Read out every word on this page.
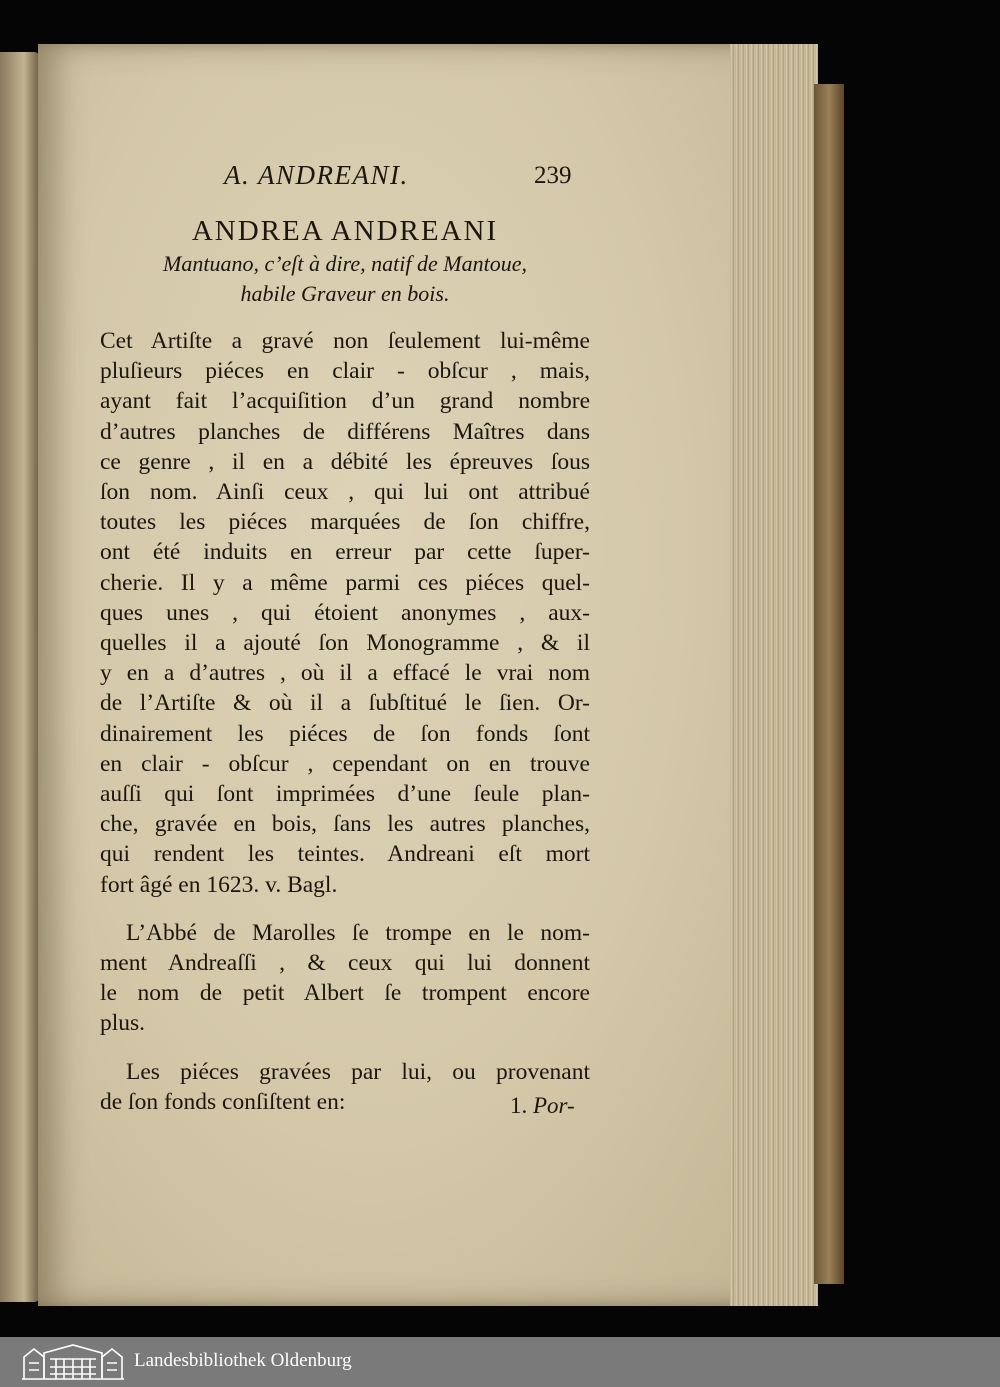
A. ANDREANI.	239
ANDREA ANDREANI
Mantuano, c’eſt à dire, natif de Mantoue,
habile Graveur en bois.

Cet Artiſte a gravé non ſeulement lui-même
pluſieurs piéces en clair - obſcur , mais,
ayant fait l’acquiſition d’un grand nombre
d’autres planches de différens Maîtres dans
ce genre , il en a débité les épreuves ſous
ſon nom. Ainſi ceux , qui lui ont attribué
toutes les piéces marquées de ſon chiffre,
ont été induits en erreur par cette ſuper-
cherie. Il y a même parmi ces piéces quel-
ques unes , qui étoient anonymes , aux-
quelles il a ajouté ſon Monogramme , & il
y en a d’autres , où il a effacé le vrai nom
de l’Artiſte & où il a ſubſtitué le ſien. Or-
dinairement les piéces de ſon fonds ſont
en clair - obſcur , cependant on en trouve
auſſi qui ſont imprimées d’une ſeule plan-
che, gravée en bois, ſans les autres planches,
qui rendent les teintes. Andreani eſt mort
fort âgé en 1623. v. Bagl.

L’Abbé de Marolles ſe trompe en le nom-
ment Andreaſſi , & ceux qui lui donnent
le nom de petit Albert ſe trompent encore
plus.

Les piéces gravées par lui, ou provenant
de ſon fonds conſiſtent en:	1. Por-
Landesbibliothek Oldenburg
